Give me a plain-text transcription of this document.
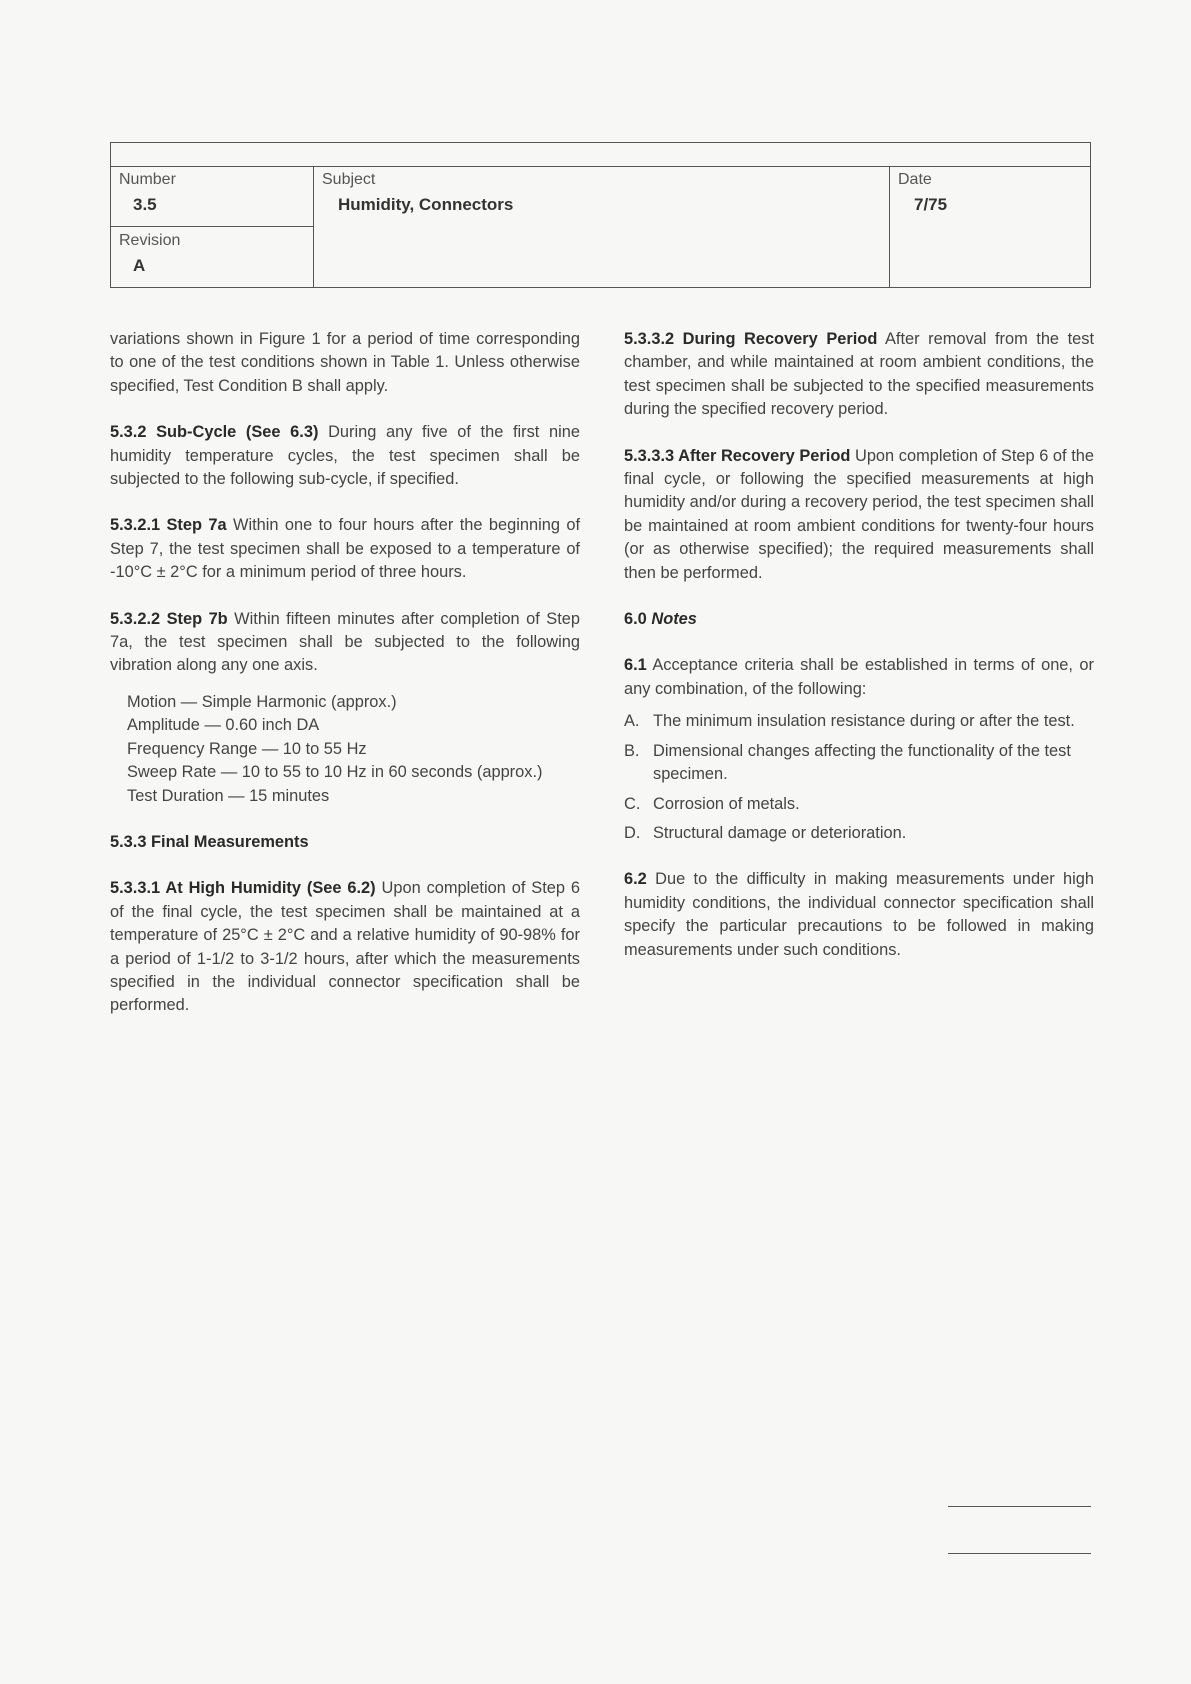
Number
3.5
Revision
A
Subject
Humidity, Connectors
Date
7/75

variations shown in Figure 1 for a period of time corresponding to one of the test conditions shown in Table 1. Unless otherwise specified, Test Condition B shall apply.

5.3.2 Sub-Cycle (See 6.3) During any five of the first nine humidity temperature cycles, the test specimen shall be subjected to the following sub-cycle, if specified.

5.3.2.1 Step 7a Within one to four hours after the beginning of Step 7, the test specimen shall be exposed to a temperature of -10°C ± 2°C for a minimum period of three hours.

5.3.2.2 Step 7b Within fifteen minutes after completion of Step 7a, the test specimen shall be subjected to the following vibration along any one axis.

Motion — Simple Harmonic (approx.)
Amplitude — 0.60 inch DA
Frequency Range — 10 to 55 Hz
Sweep Rate — 10 to 55 to 10 Hz in 60 seconds (approx.)
Test Duration — 15 minutes

5.3.3 Final Measurements

5.3.3.1 At High Humidity (See 6.2) Upon completion of Step 6 of the final cycle, the test specimen shall be maintained at a temperature of 25°C ± 2°C and a relative humidity of 90-98% for a period of 1-1/2 to 3-1/2 hours, after which the measurements specified in the individual connector specification shall be performed.

5.3.3.2 During Recovery Period After removal from the test chamber, and while maintained at room ambient conditions, the test specimen shall be subjected to the specified measurements during the specified recovery period.

5.3.3.3 After Recovery Period Upon completion of Step 6 of the final cycle, or following the specified measurements at high humidity and/or during a recovery period, the test specimen shall be maintained at room ambient conditions for twenty-four hours (or as otherwise specified); the required measurements shall then be performed.

6.0 Notes

6.1 Acceptance criteria shall be established in terms of one, or any combination, of the following:

A. The minimum insulation resistance during or after the test.
B. Dimensional changes affecting the functionality of the test specimen.
C. Corrosion of metals.
D. Structural damage or deterioration.

6.2 Due to the difficulty in making measurements under high humidity conditions, the individual connector specification shall specify the particular precautions to be followed in making measurements under such conditions.
